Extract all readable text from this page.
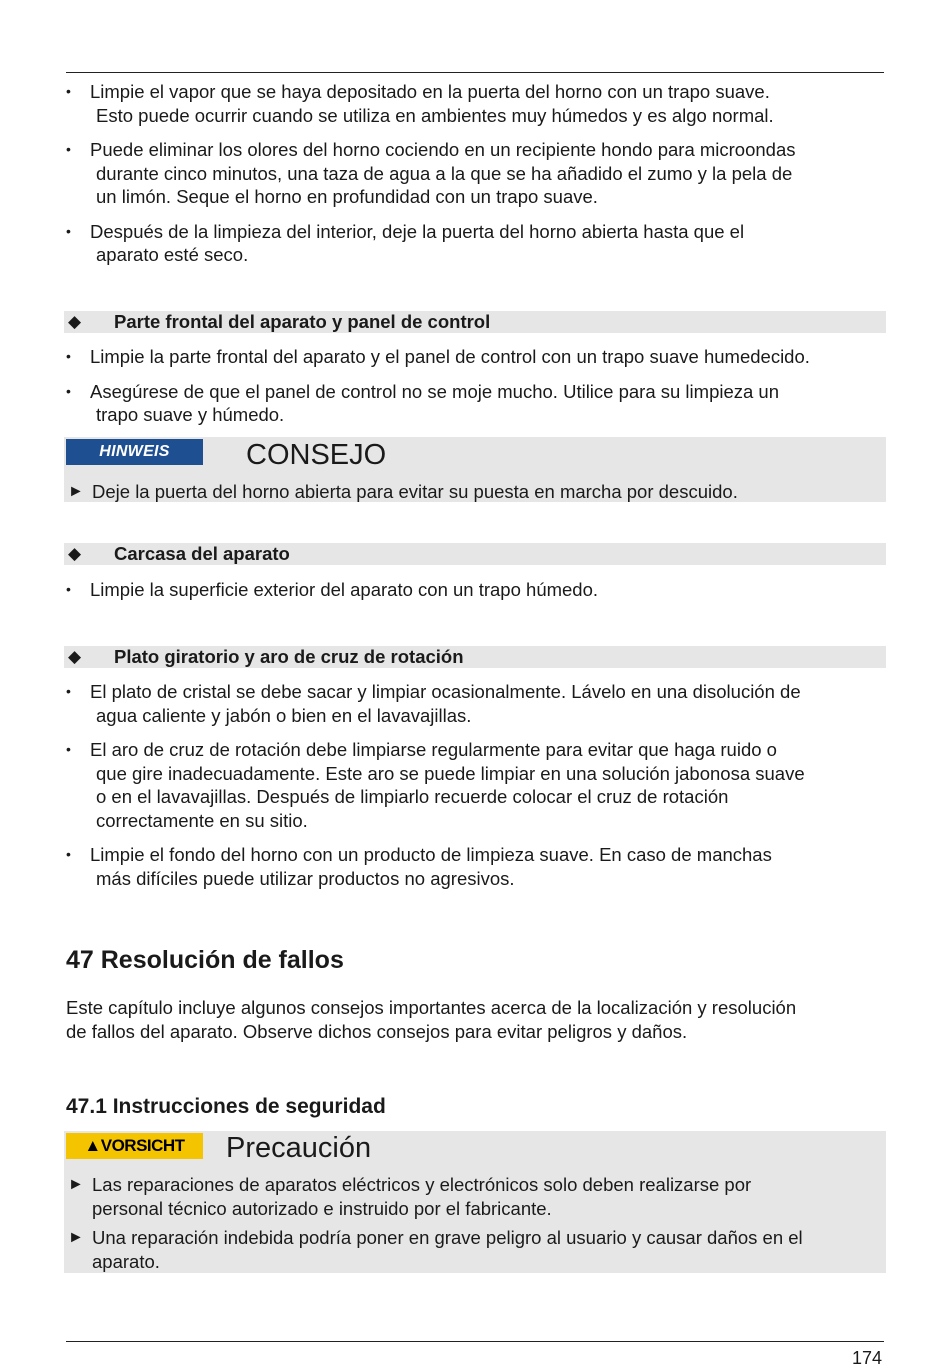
• Limpie el vapor que se haya depositado en la puerta del horno con un trapo suave.
Esto puede ocurrir cuando se utiliza en ambientes muy húmedos y es algo normal.

• Puede eliminar los olores del horno cociendo en un recipiente hondo para microondas
durante cinco minutos, una taza de agua a la que se ha añadido el zumo y la pela de
un limón. Seque el horno en profundidad con un trapo suave.

• Después de la limpieza del interior, deje la puerta del horno abierta hasta que el
aparato esté seco.

◆ Parte frontal del aparato y panel de control

• Limpie la parte frontal del aparato y el panel de control con un trapo suave humedecido.

• Asegúrese de que el panel de control no se moje mucho. Utilice para su limpieza un
trapo suave y húmedo.

HINWEIS	CONSEJO

► Deje la puerta del horno abierta para evitar su puesta en marcha por descuido.

◆ Carcasa del aparato

• Limpie la superficie exterior del aparato con un trapo húmedo.

◆ Plato giratorio y aro de cruz de rotación

• El plato de cristal se debe sacar y limpiar ocasionalmente. Lávelo en una disolución de
agua caliente y jabón o bien en el lavavajillas.

• El aro de cruz de rotación debe limpiarse regularmente para evitar que haga ruido o
que gire inadecuadamente. Este aro se puede limpiar en una solución jabonosa suave
o en el lavavajillas. Después de limpiarlo recuerde colocar el cruz de rotación
correctamente en su sitio.

• Limpie el fondo del horno con un producto de limpieza suave. En caso de manchas
más difíciles puede utilizar productos no agresivos.

47 Resolución de fallos

Este capítulo incluye algunos consejos importantes acerca de la localización y resolución
de fallos del aparato. Observe dichos consejos para evitar peligros y daños.

47.1 Instrucciones de seguridad
▲VORSICHT	Precaución

► Las reparaciones de aparatos eléctricos y electrónicos solo deben realizarse por
personal técnico autorizado e instruido por el fabricante.

► Una reparación indebida podría poner en grave peligro al usuario y causar daños en el
aparato.

174
